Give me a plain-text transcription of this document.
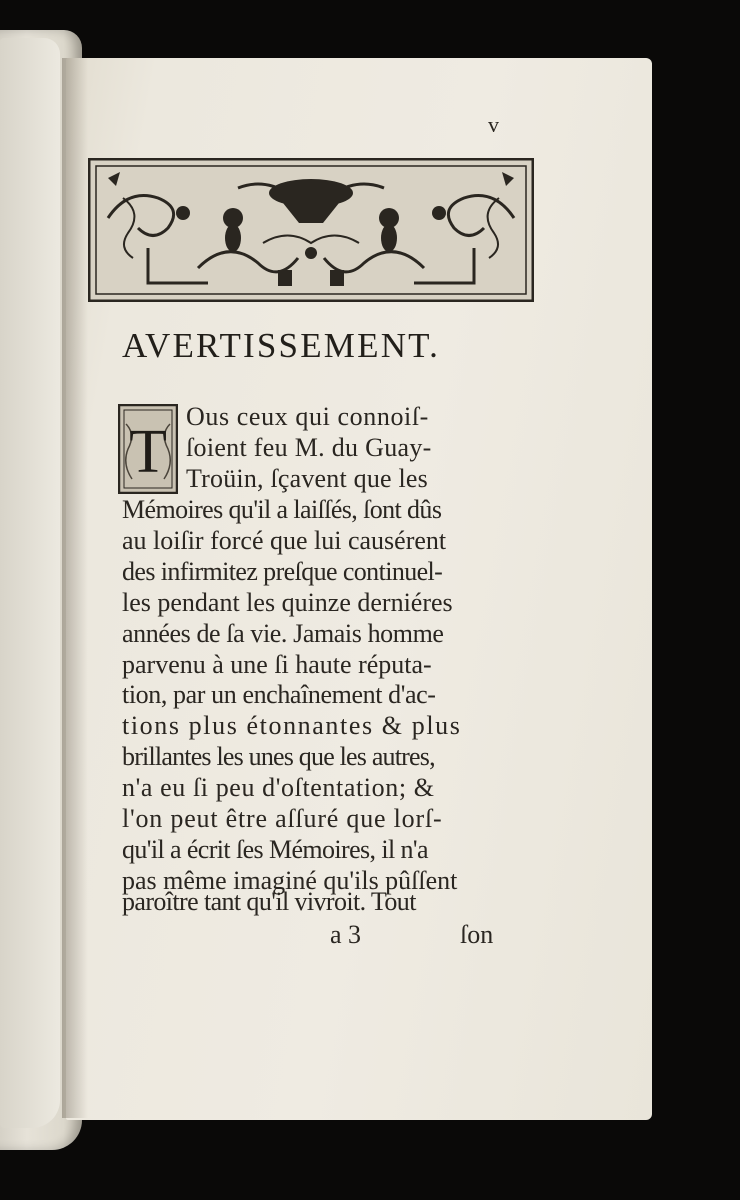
v
AVERTISSEMENT.
T
Ous ceux qui connoiſ-
ſoient feu M. du Guay-
Troüin, ſçavent que les
Mémoires qu'il a laiſſés, ſont dûs
au loiſir forcé que lui causérent
des infirmitez preſque continuel-
les pendant les quinze derniéres
années de ſa vie. Jamais homme
parvenu à une ſi haute réputa-
tion, par un enchaînement d'ac-
tions plus étonnantes & plus
brillantes les unes que les autres,
n'a eu ſi peu d'oſtentation; &
l'on peut être aſſuré que lorſ-
qu'il a écrit ſes Mémoires, il n'a
pas même imaginé qu'ils pûſſent
paroître tant qu'il vivroit. Tout
a 3	ſon
